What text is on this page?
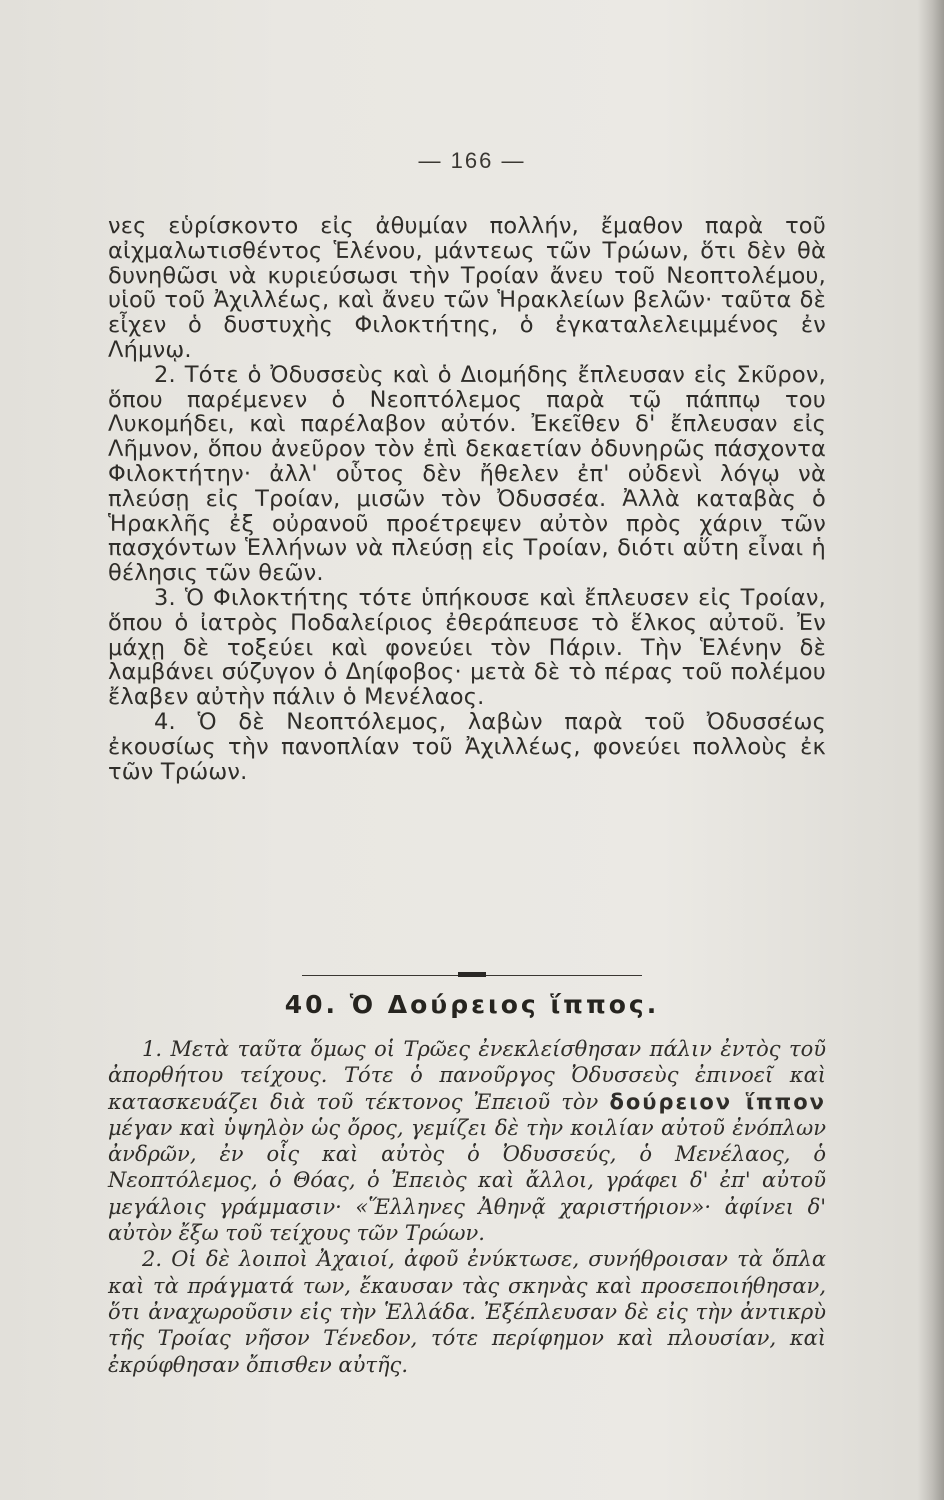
— 166 —

νες εὑρίσκοντο εἰς ἀθυμίαν πολλήν, ἔμαθον παρὰ τοῦ αἰχμαλωτισθέντος Ἑλένου, μάντεως τῶν Τρώων, ὅτι δὲν θὰ δυνηθῶσι νὰ κυριεύσωσι τὴν Τροίαν ἄνευ τοῦ Νεοπτολέμου, υἱοῦ τοῦ Ἀχιλλέως, καὶ ἄνευ τῶν Ἡρακλείων βελῶν· ταῦτα δὲ εἶχεν ὁ δυστυχὴς Φιλοκτήτης, ὁ ἐγκαταλελειμμένος ἐν Λήμνῳ.

2. Τότε ὁ Ὀδυσσεὺς καὶ ὁ Διομήδης ἔπλευσαν εἰς Σκῦρον, ὅπου παρέμενεν ὁ Νεοπτόλεμος παρὰ τῷ πάππῳ του Λυκομήδει, καὶ παρέλαβον αὐτόν. Ἐκεῖθεν δ' ἔπλευσαν εἰς Λῆμνον, ὅπου ἀνεῦρον τὸν ἐπὶ δεκαετίαν ὀδυνηρῶς πάσχοντα Φιλοκτήτην· ἀλλ' οὗτος δὲν ἤθελεν ἐπ' οὐδενὶ λόγῳ νὰ πλεύσῃ εἰς Τροίαν, μισῶν τὸν Ὀδυσσέα. Ἀλλὰ καταβὰς ὁ Ἡρακλῆς ἐξ οὐρανοῦ προέτρεψεν αὐτὸν πρὸς χάριν τῶν πασχόντων Ἑλλήνων νὰ πλεύσῃ εἰς Τροίαν, διότι αὕτη εἶναι ἡ θέλησις τῶν θεῶν.

3. Ὁ Φιλοκτήτης τότε ὑπήκουσε καὶ ἔπλευσεν εἰς Τροίαν, ὅπου ὁ ἰατρὸς Ποδαλείριος ἐθεράπευσε τὸ ἕλκος αὐτοῦ. Ἐν μάχῃ δὲ τοξεύει καὶ φονεύει τὸν Πάριν. Τὴν Ἑλένην δὲ λαμβάνει σύζυγον ὁ Δηίφοβος· μετὰ δὲ τὸ πέρας τοῦ πολέμου ἔλαβεν αὐτὴν πάλιν ὁ Μενέλαος.

4. Ὁ δὲ Νεοπτόλεμος, λαβὼν παρὰ τοῦ Ὀδυσσέως ἐκουσίως τὴν πανοπλίαν τοῦ Ἀχιλλέως, φονεύει πολλοὺς ἐκ τῶν Τρώων.

40. Ὁ Δούρειος ἵππος.

1. Μετὰ ταῦτα ὅμως οἱ Τρῶες ἐνεκλείσθησαν πάλιν ἐντὸς τοῦ ἀπορθήτου τείχους. Τότε ὁ πανοῦργος Ὀδυσσεὺς ἐπινοεῖ καὶ κατασκευάζει διὰ τοῦ τέκτονος Ἐπειοῦ τὸν δούρειον ἵππον μέγαν καὶ ὑψηλὸν ὡς ὄρος, γεμίζει δὲ τὴν κοιλίαν αὐτοῦ ἐνόπλων ἀνδρῶν, ἐν οἷς καὶ αὐτὸς ὁ Ὀδυσσεύς, ὁ Μενέλαος, ὁ Νεοπτόλεμος, ὁ Θόας, ὁ Ἐπειὸς καὶ ἄλλοι, γράφει δ' ἐπ' αὐτοῦ μεγάλοις γράμμασιν· «Ἕλληνες Ἀθηνᾷ χαριστήριον»· ἀφίνει δ' αὐτὸν ἔξω τοῦ τείχους τῶν Τρώων.

2. Οἱ δὲ λοιποὶ Ἀχαιοί, ἀφοῦ ἐνύκτωσε, συνήθροισαν τὰ ὅπλα καὶ τὰ πράγματά των, ἔκαυσαν τὰς σκηνὰς καὶ προσεποιήθησαν, ὅτι ἀναχωροῦσιν εἰς τὴν Ἑλλάδα. Ἐξέπλευσαν δὲ εἰς τὴν ἀντικρὺ τῆς Τροίας νῆσον Τένεδον, τότε περίφημον καὶ πλουσίαν, καὶ ἐκρύφθησαν ὄπισθεν αὐτῆς.
